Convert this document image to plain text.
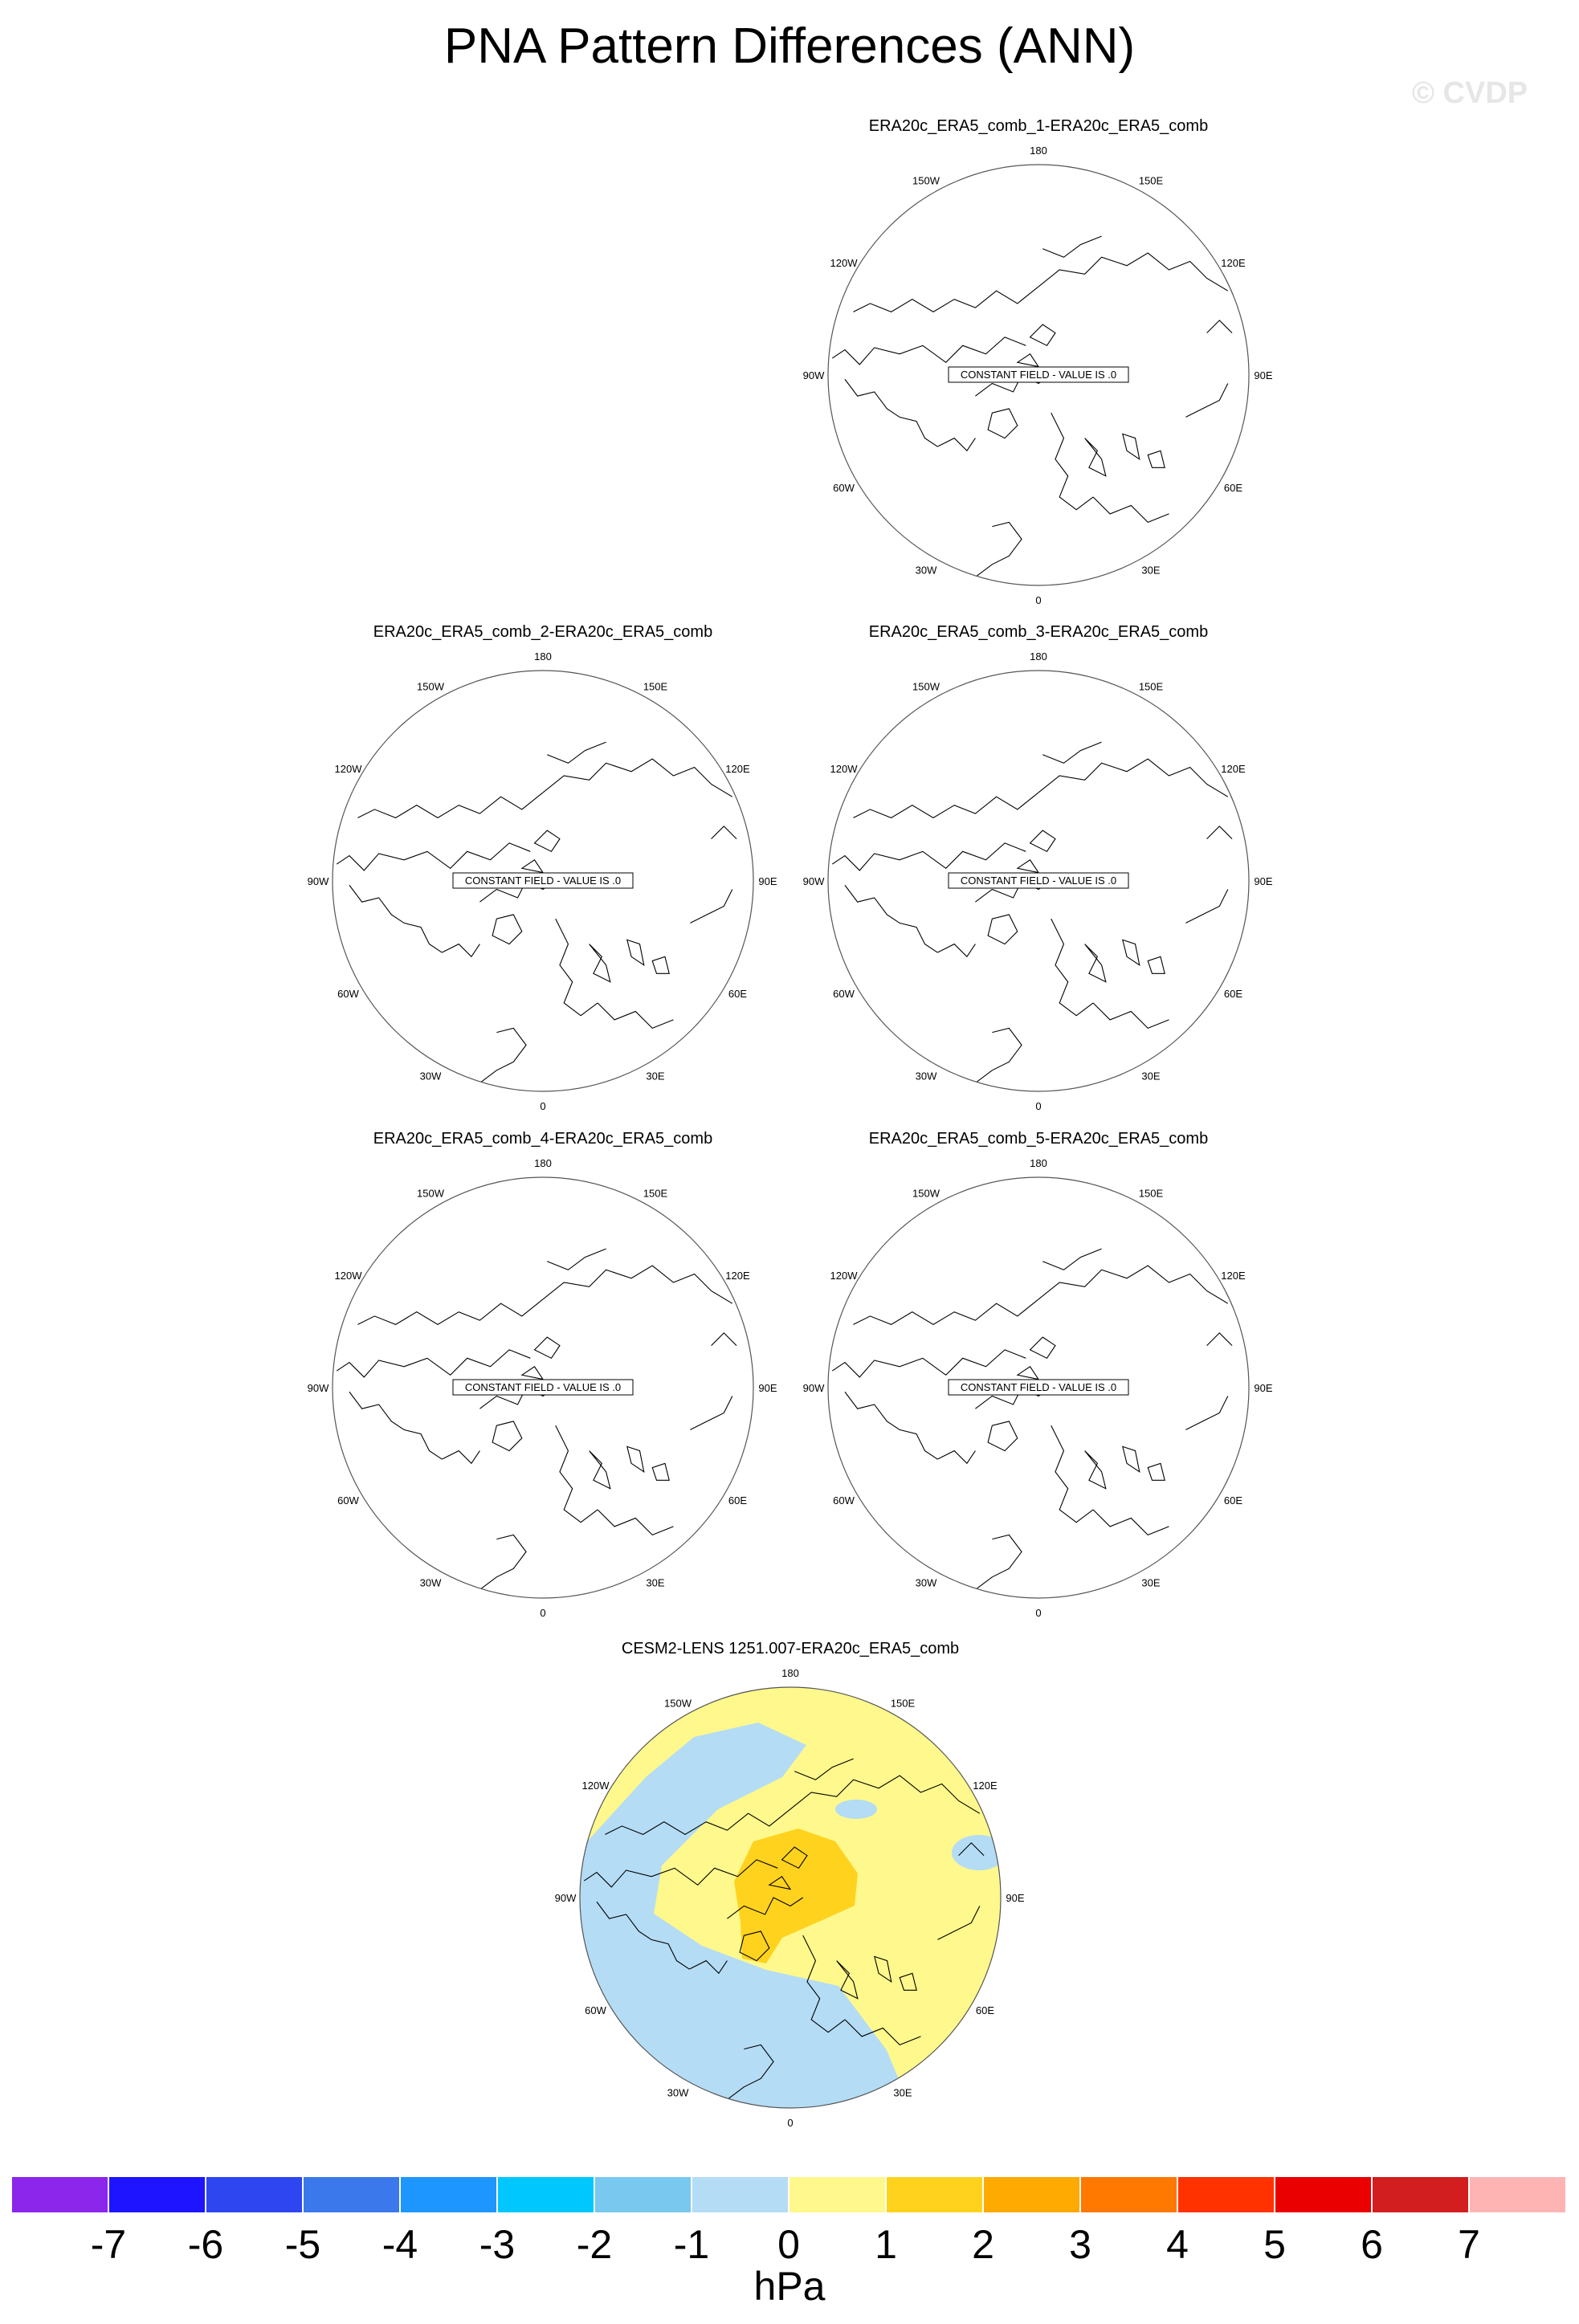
PNA Pattern Differences (ANN)
© CVDP
ERA20c_ERA5_comb_1-ERA20c_ERA5_comb
180
150E
120E
90E
60E
30E
0
30W
60W
90W
120W
150W
CONSTANT FIELD - VALUE IS .0
ERA20c_ERA5_comb_2-ERA20c_ERA5_comb
180
150E
120E
90E
60E
30E
0
30W
60W
90W
120W
150W
CONSTANT FIELD - VALUE IS .0
ERA20c_ERA5_comb_3-ERA20c_ERA5_comb
180
150E
120E
90E
60E
30E
0
30W
60W
90W
120W
150W
CONSTANT FIELD - VALUE IS .0
ERA20c_ERA5_comb_4-ERA20c_ERA5_comb
180
150E
120E
90E
60E
30E
0
30W
60W
90W
120W
150W
CONSTANT FIELD - VALUE IS .0
ERA20c_ERA5_comb_5-ERA20c_ERA5_comb
180
150E
120E
90E
60E
30E
0
30W
60W
90W
120W
150W
CONSTANT FIELD - VALUE IS .0
CESM2-LENS 1251.007-ERA20c_ERA5_comb
180
150E
120E
90E
60E
30E
0
30W
60W
90W
120W
150W
-7	-6	-5	-4	-3	-2	-1	0	1	2	3	4	5	6	7
hPa
